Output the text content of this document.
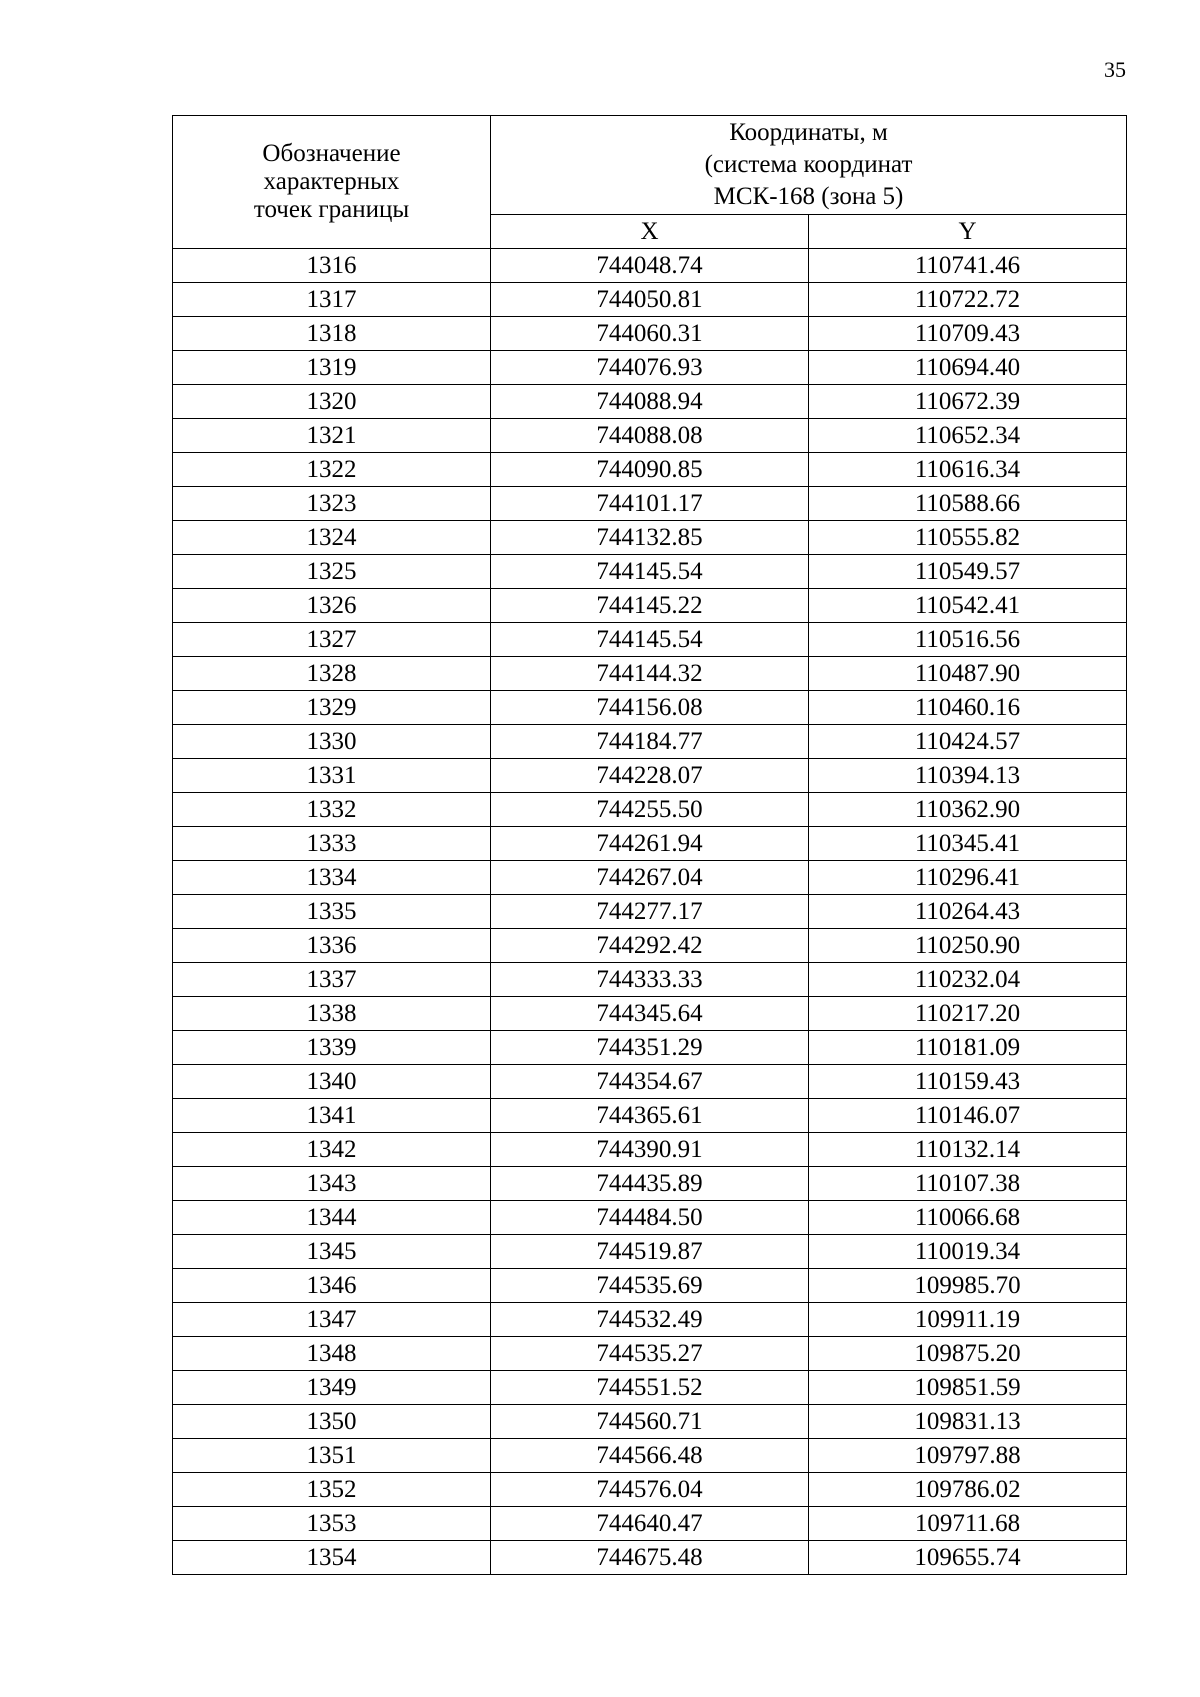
35
Обозначение
характерных
точек границы	Координаты, м
(система координат
МСК-168 (зона 5)	

	X	Y
1316	744048.74	110741.46
1317	744050.81	110722.72
1318	744060.31	110709.43
1319	744076.93	110694.40
1320	744088.94	110672.39
1321	744088.08	110652.34
1322	744090.85	110616.34
1323	744101.17	110588.66
1324	744132.85	110555.82
1325	744145.54	110549.57
1326	744145.22	110542.41
1327	744145.54	110516.56
1328	744144.32	110487.90
1329	744156.08	110460.16
1330	744184.77	110424.57
1331	744228.07	110394.13
1332	744255.50	110362.90
1333	744261.94	110345.41
1334	744267.04	110296.41
1335	744277.17	110264.43
1336	744292.42	110250.90
1337	744333.33	110232.04
1338	744345.64	110217.20
1339	744351.29	110181.09
1340	744354.67	110159.43
1341	744365.61	110146.07
1342	744390.91	110132.14
1343	744435.89	110107.38
1344	744484.50	110066.68
1345	744519.87	110019.34
1346	744535.69	109985.70
1347	744532.49	109911.19
1348	744535.27	109875.20
1349	744551.52	109851.59
1350	744560.71	109831.13
1351	744566.48	109797.88
1352	744576.04	109786.02
1353	744640.47	109711.68
1354	744675.48	109655.74
